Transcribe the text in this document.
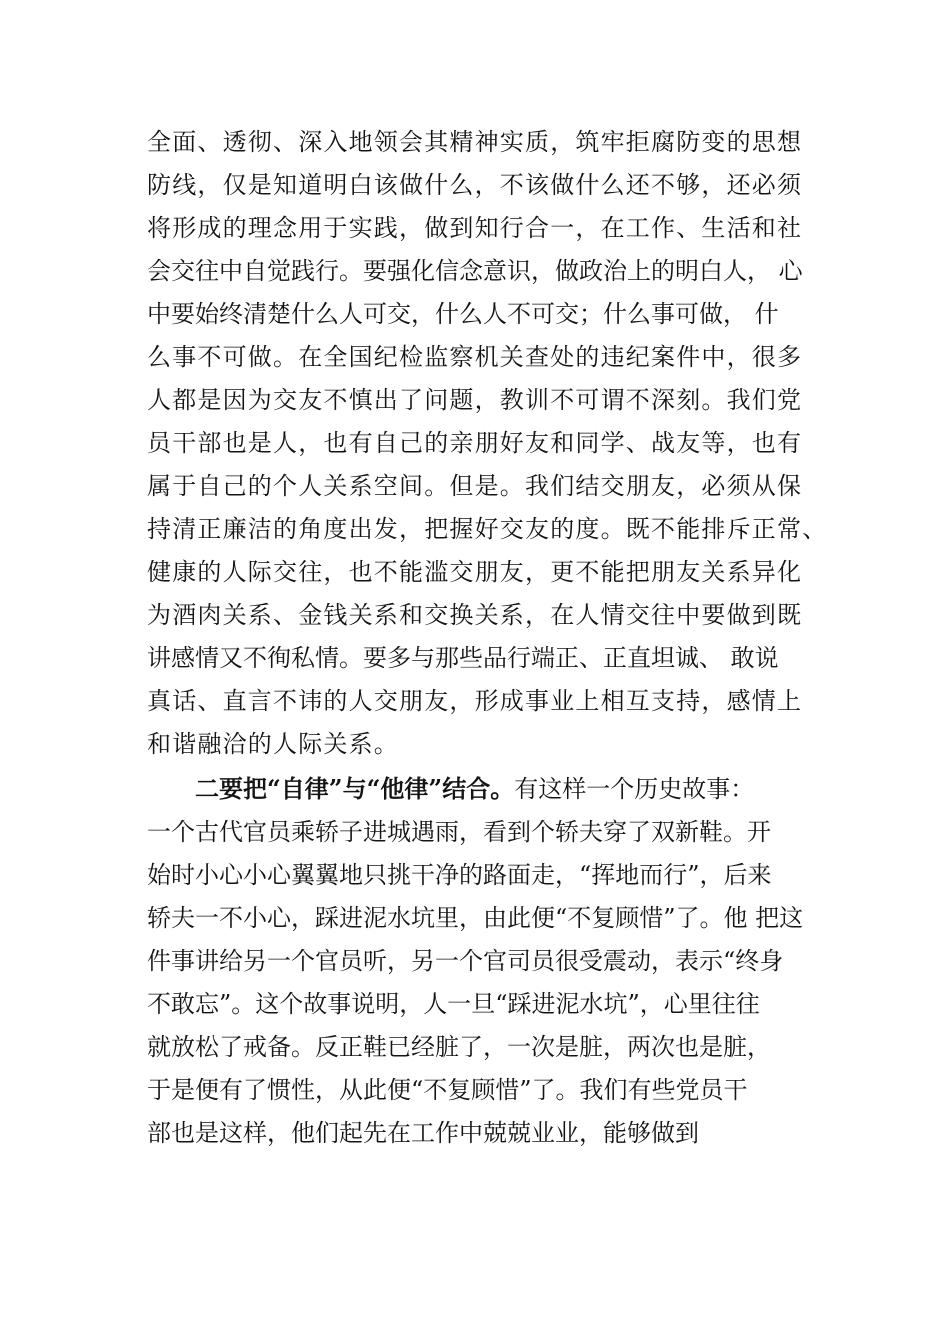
全面、透彻、深入地领会其精神实质，筑牢拒腐防变的思想
防线，仅是知道明白该做什么，不该做什么还不够，还必须
将形成的理念用于实践，做到知行合一，在工作、生活和社
会交往中自觉践行。要强化信念意识，做政治上的明白人， 心
中要始终清楚什么人可交，什么人不可交；什么事可做， 什
么事不可做。在全国纪检监察机关查处的违纪案件中，很多
人都是因为交友不慎出了问题，教训不可谓不深刻。我们党
员干部也是人，也有自己的亲朋好友和同学、战友等，也有
属于自己的个人关系空间。但是。我们结交朋友，必须从保
持清正廉洁的角度出发，把握好交友的度。既不能排斥正常、
健康的人际交往，也不能滥交朋友，更不能把朋友关系异化
为酒肉关系、金钱关系和交换关系，在人情交往中要做到既
讲感情又不徇私情。要多与那些品行端正、正直坦诚、 敢说
真话、直言不讳的人交朋友，形成事业上相互支持，感情上
和谐融洽的人际关系。
二要把“自律”与“他律”结合。有这样一个历史故事：
一个古代官员乘轿子进城遇雨，看到个轿夫穿了双新鞋。开
始时小心小心翼翼地只挑干净的路面走，“挥地而行”，后来
轿夫一不小心，踩进泥水坑里，由此便“不复顾惜”了。他 把这
件事讲给另一个官员听，另一个官司员很受震动，表示“终身
不敢忘”。这个故事说明，人一旦“踩进泥水坑”，心里往往
就放松了戒备。反正鞋已经脏了，一次是脏，两次也是脏，
于是便有了惯性，从此便“不复顾惜”了。我们有些党员干
部也是这样，他们起先在工作中兢兢业业，能够做到
